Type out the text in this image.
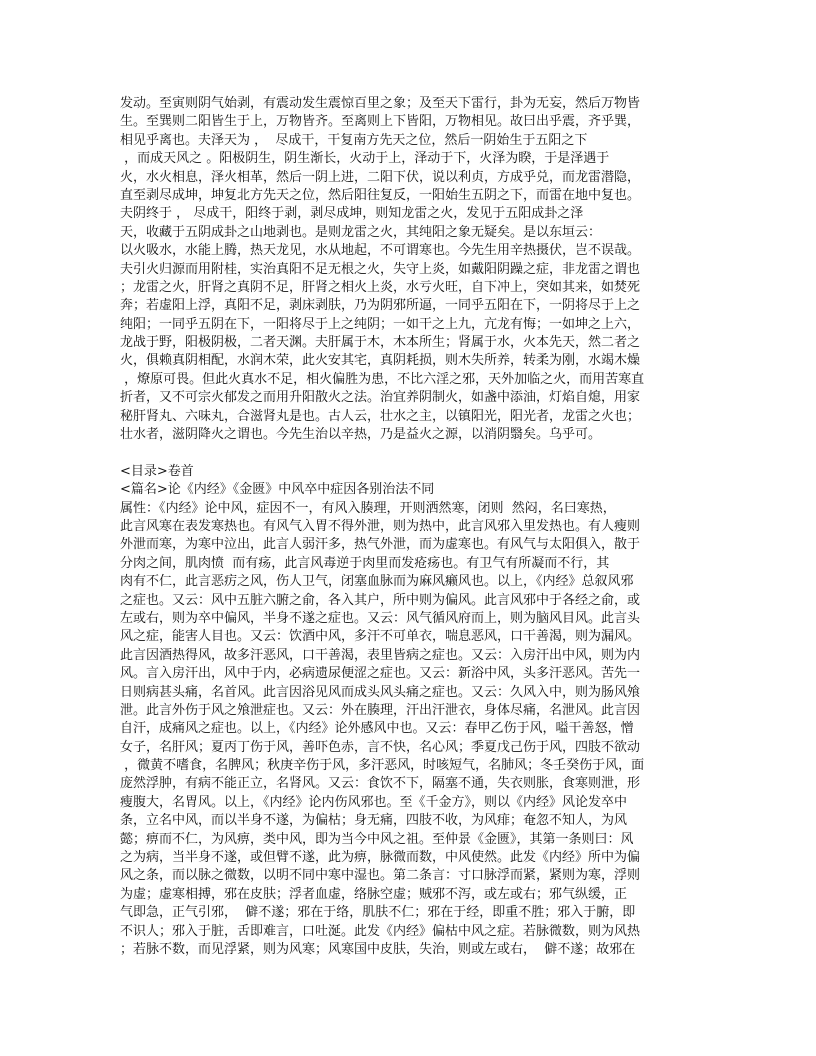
发动。至寅则阴气始剥，有震动发生震惊百里之象；及至天下雷行，卦为无妄，然后万物皆
生。至巽则二阳皆生于上，万物皆齐。至离则上下皆阳，万物相见。故曰出乎震，齐乎巽，
相见乎离也。夫泽天为 ，  尽成干，干复南方先天之位，然后一阴始生于五阳之下
，而成天风之 。阳极阴生，阴生渐长，火动于上，泽动于下，火泽为睽，于是泽遇于
火，水火相息，泽火相革，然后一阴上进，二阳下伏，说以利贞，方成乎兑，而龙雷潜隐，
直至剥尽成坤，坤复北方先天之位，然后阳往复反，一阳始生五阴之下，而雷在地中复也。
夫阴终于 ， 尽成干，阳终于剥，剥尽成坤，则知龙雷之火，发见于五阳成卦之泽
天，收藏于五阴成卦之山地剥也。是则龙雷之火，其纯阳之象无疑矣。是以东垣云：
以火吸水，水能上腾，热天龙见，水从地起，不可谓寒也。今先生用辛热摄伏，岂不误哉。
夫引火归源而用附桂，实治真阳不足无根之火，失守上炎，如戴阳阴躁之症，非龙雷之谓也
；龙雷之火，肝肾之真阴不足，肝肾之相火上炎，水亏火旺，自下冲上，突如其来，如焚死
奔；若虚阳上浮，真阳不足，剥床剥肤，乃为阴邪所逼，一同乎五阳在下，一阴将尽于上之
纯阳；一同乎五阴在下，一阳将尽于上之纯阴；一如干之上九，亢龙有悔；一如坤之上六，
龙战于野，阳极阴极，二者天渊。夫肝属于木，木本所生；肾属于水，火本先天，然二者之
火，俱赖真阴相配，水润木荣，此火安其宅，真阴耗损，则木失所养，转柔为刚，水竭木燥
，燎原可畏。但此火真水不足，相火偏胜为患，不比六淫之邪，天外加临之火，而用苦寒直
折者，又不可宗火郁发之而用升阳散火之法。治宜养阴制火，如盏中添油，灯焰自熄，用家
秘肝肾丸、六味丸，合滋肾丸是也。古人云，壮水之主，以镇阳光，阳光者，龙雷之火也；
壮水者，滋阴降火之谓也。今先生治以辛热，乃是益火之源，以消阴翳矣。乌乎可。
<目录>卷首
<篇名>论《内经》《金匮》中风卒中症因各别治法不同
属性：《内经》论中风，症因不一，有风入腠理，开则洒然寒，闭则  然闷，名曰寒热，
此言风寒在表发寒热也。有风气入胃不得外泄，则为热中，此言风邪入里发热也。有人瘦则
外泄而寒，为寒中泣出，此言人弱汗多，热气外泄，而为虚寒也。有风气与太阳俱入，散于
分肉之间，肌肉愤  而有疡，此言风毒逆于肉里而发疮疡也。有卫气有所凝而不行，其
肉有不仁，此言恶疠之风，伤人卫气，闭塞血脉而为麻风癞风也。以上，《内经》总叙风邪
之症也。又云：风中五脏六腑之俞，各入其户，所中则为偏风。此言风邪中于各经之俞，或
左或右，则为卒中偏风，半身不遂之症也。又云：风气循风府而上，则为脑风目风。此言头
风之症，能害人目也。又云：饮酒中风，多汗不可单衣，喘息恶风，口干善渴，则为漏风。
此言因酒热得风，故多汗恶风，口干善渴，表里皆病之症也。又云：入房汗出中风，则为内
风。言入房汗出，风中于内，必病遗尿便涩之症也。又云：新浴中风，头多汗恶风。苦先一
日则病甚头痛，名首风。此言因浴见风而成头风头痛之症也。又云：久风入中，则为肠风飧
泄。此言外伤于风之飧泄症也。又云：外在腠理，汗出汗泄衣，身体尽痛，名泄风。此言因
自汗，成痛风之症也。以上，《内经》论外感风中也。又云：春甲乙伤于风，嗌干善怒，憎
女子，名肝风；夏丙丁伤于风，善吓色赤，言不快，名心风；季夏戊己伤于风，四肢不欲动
，微黄不嗜食，名脾风；秋庚辛伤于风，多汗恶风，时咳短气，名肺风；冬壬癸伤于风，面
庞然浮肿，有病不能正立，名肾风。又云：食饮不下，隔塞不通，失衣则胀，食寒则泄，形
瘦腹大，名胃风。以上，《内经》论内伤风邪也。至《千金方》，则以《内经》风论发卒中
条，立名中风，而以半身不遂，为偏枯；身无痛，四肢不收，为风痱；奄忽不知人，为风
懿；痹而不仁，为风痹，类中风，即为当今中风之祖。至仲景《金匮》，其第一条则曰：风
之为病，当半身不遂，或但臂不遂，此为痹，脉微而数，中风使然。此发《内经》所中为偏
风之条，而以脉之微数，以明不同中寒中湿也。第二条言：寸口脉浮而紧，紧则为寒，浮则
为虚；虚寒相搏，邪在皮肤；浮者血虚，络脉空虚；贼邪不泻，或左或右；邪气纵缓，正
气即急，正气引邪，  僻不遂；邪在于络，肌肤不仁；邪在于经，即重不胜；邪入于腑，即
不识人；邪入于脏，舌即难言，口吐涎。此发《内经》偏枯中风之症。若脉微数，则为风热
；若脉不数，而见浮紧，则为风寒；风寒国中皮肤，失治，则或左或右，  僻不遂；故邪在
